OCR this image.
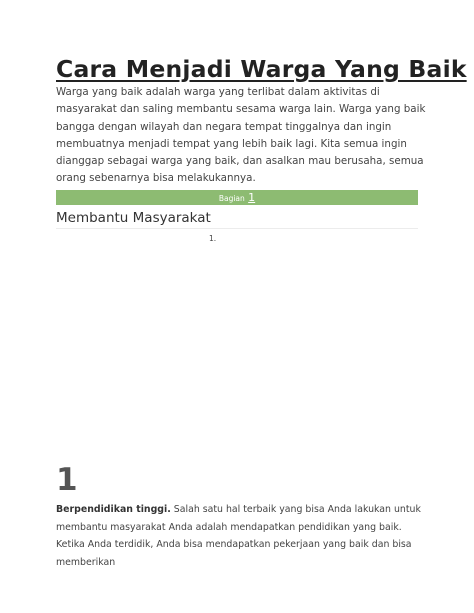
Cara Menjadi Warga Yang Baik

Warga yang baik adalah warga yang terlibat dalam aktivitas di masyarakat dan saling membantu sesama warga lain. Warga yang baik bangga dengan wilayah dan negara tempat tinggalnya dan ingin membuatnya menjadi tempat yang lebih baik lagi. Kita semua ingin dianggap sebagai warga yang baik, dan asalkan mau berusaha, semua orang sebenarnya bisa melakukannya.

Bagian 1
Membantu Masyarakat
1.
1

Berpendidikan tinggi. Salah satu hal terbaik yang bisa Anda lakukan untuk membantu masyarakat Anda adalah mendapatkan pendidikan yang baik. Ketika Anda terdidik, Anda bisa mendapatkan pekerjaan yang baik dan bisa memberikan
